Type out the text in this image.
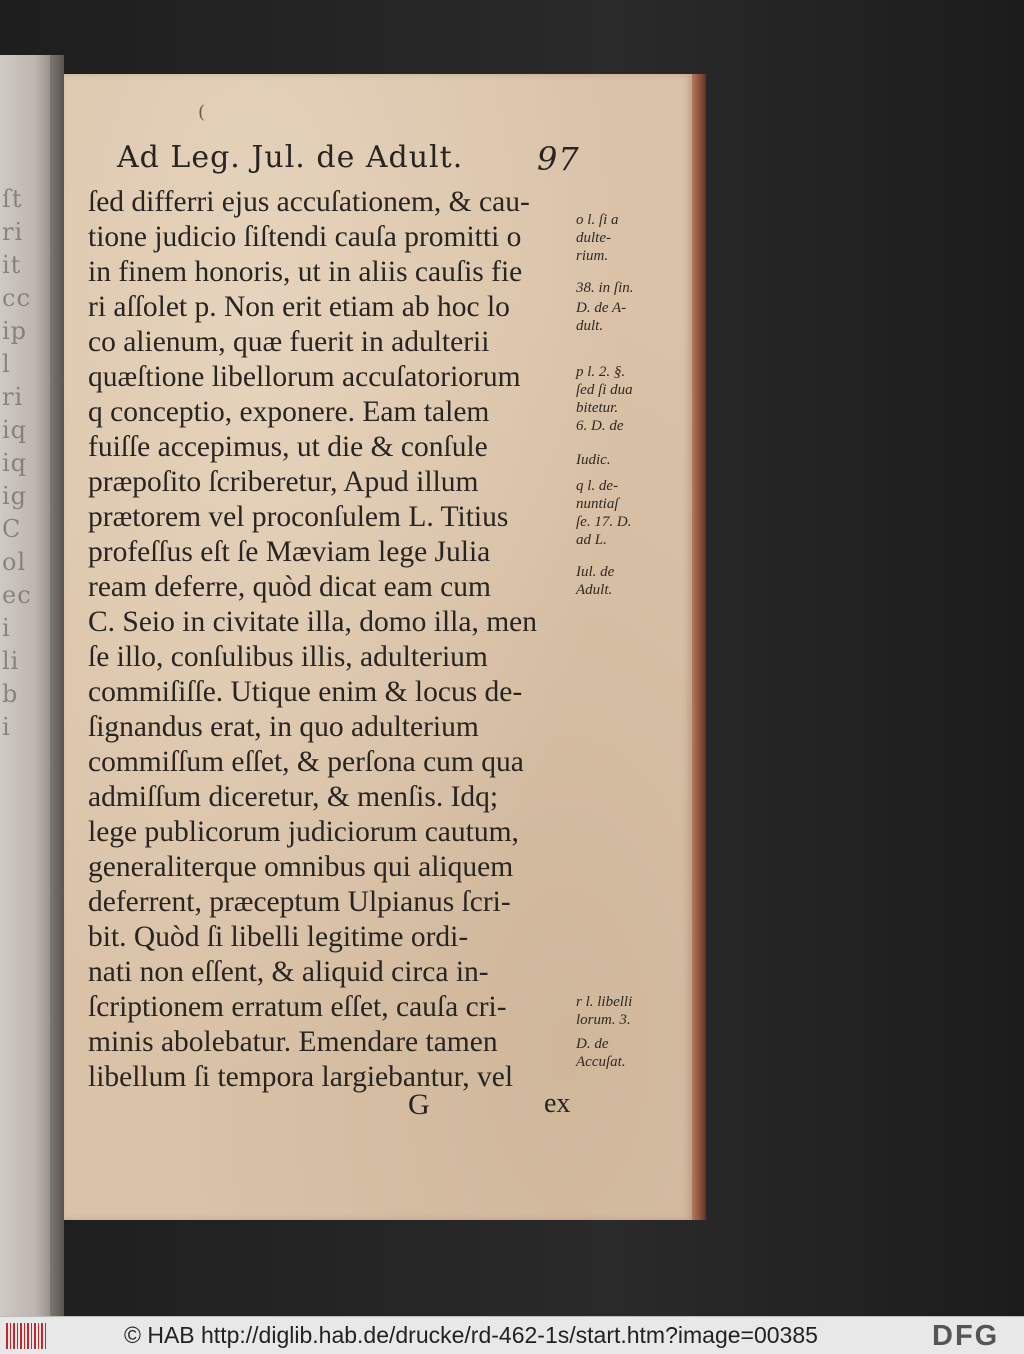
ſt
ri
it
cc
ip
l
ri
iq
iq
ig
C
ol
ec
i
li
b
i
(
Ad Leg. Jul. de Adult. 97
ſed differri ejus accuſationem, & cau-
tione judicio ſiſtendi cauſa promitti o
in finem honoris, ut in aliis cauſis fie
ri aſſolet p. Non erit etiam ab hoc lo
co alienum, quæ fuerit in adulterii
quæſtione libellorum accuſatoriorum
q conceptio, exponere. Eam talem
fuiſſe accepimus, ut die & conſule
præpoſito ſcriberetur, Apud illum
prætorem vel proconſulem L. Titius
profeſſus eſt ſe Mæviam lege Julia
ream deferre, quòd dicat eam cum
C. Seio in civitate illa, domo illa, men
ſe illo, conſulibus illis, adulterium
commiſiſſe. Utique enim & locus de-
ſignandus erat, in quo adulterium
commiſſum eſſet, & perſona cum qua
admiſſum diceretur, & menſis. Idq;
lege publicorum judiciorum cautum,
generaliterque omnibus qui aliquem
deferrent, præceptum Ulpianus ſcri-
bit. Quòd ſi libelli legitime ordi-
nati non eſſent, & aliquid circa in-
ſcriptionem erratum eſſet, cauſa cri-
minis abolebatur. Emendare tamen
libellum ſi tempora largiebantur, vel
o l. ſi a
dulte-
rium.
38. in ſin.
D. de A-
dult.
p l. 2. §.
ſed ſi dua
bitetur.
6. D. de
Iudic.
q l. de-
nuntiaſ
ſe. 17. D.
ad L.
Iul. de
Adult.
r l. libelli
lorum. 3.
D. de
Accuſat.
G	ex
© HAB http://diglib.hab.de/drucke/rd-462-1s/start.htm?image=00385	DFG
